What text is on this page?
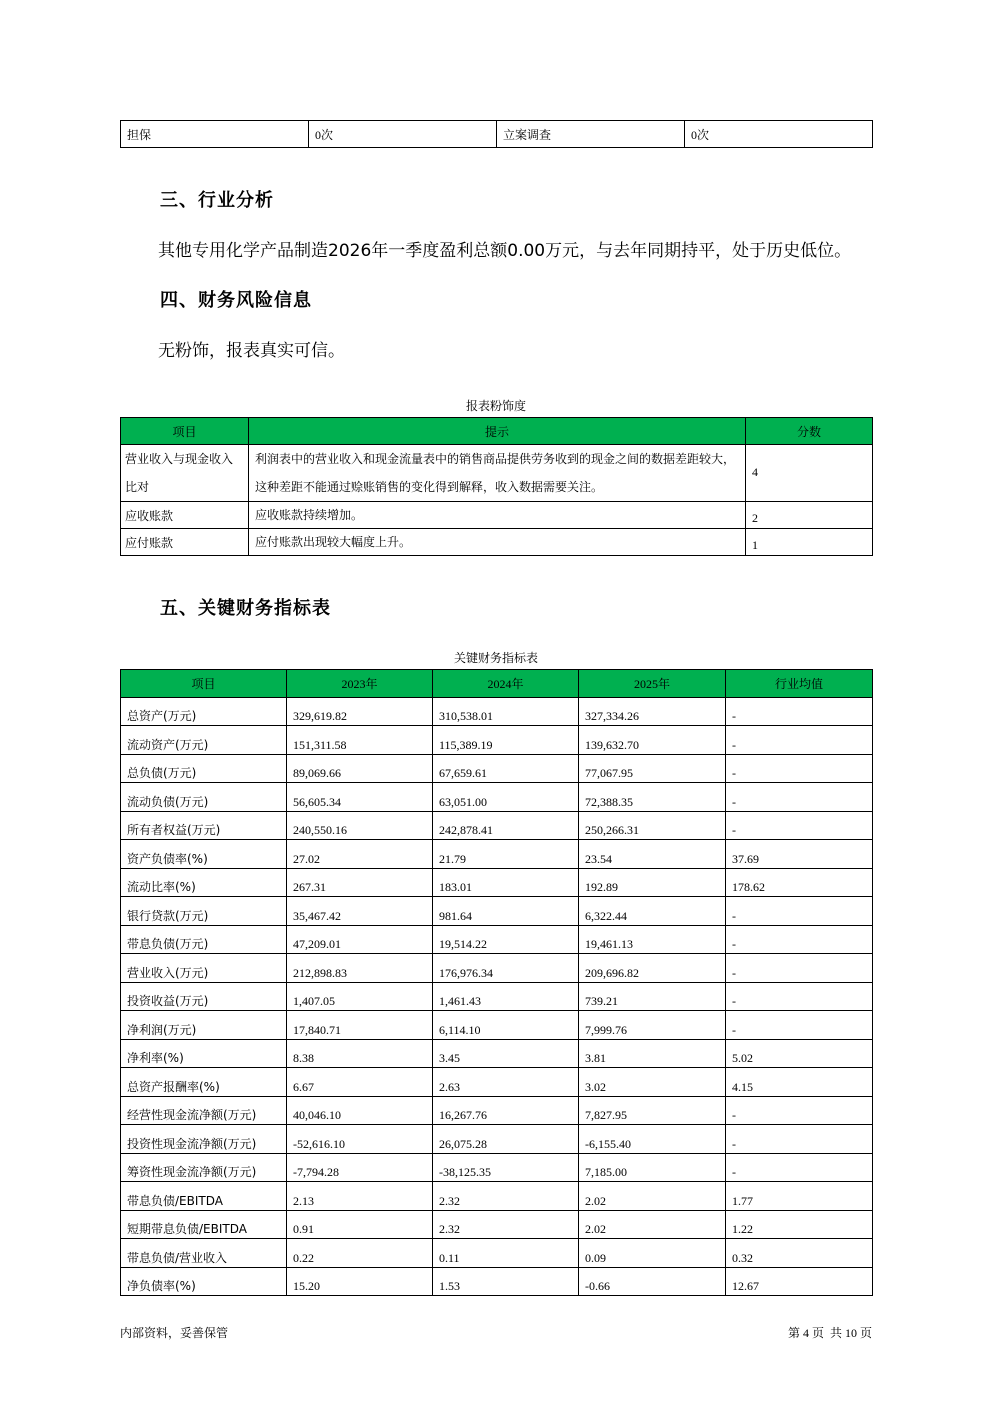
担保	0次	立案调查	0次
三、行业分析
其他专用化学产品制造2026年一季度盈利总额0.00万元，与去年同期持平，处于历史低位。
四、财务风险信息
无粉饰，报表真实可信。
报表粉饰度
项目	提示	分数
营业收入与现金收入比对	利润表中的营业收入和现金流量表中的销售商品提供劳务收到的现金之间的数据差距较大，这种差距不能通过赊账销售的变化得到解释，收入数据需要关注。	4
应收账款	应收账款持续增加。	2
应付账款	应付账款出现较大幅度上升。	1
五、关键财务指标表
关键财务指标表
项目	2023年	2024年	2025年	行业均值
总资产(万元)	329,619.82	310,538.01	327,334.26	-
流动资产(万元)	151,311.58	115,389.19	139,632.70	-
总负债(万元)	89,069.66	67,659.61	77,067.95	-
流动负债(万元)	56,605.34	63,051.00	72,388.35	-
所有者权益(万元)	240,550.16	242,878.41	250,266.31	-
资产负债率(%)	27.02	21.79	23.54	37.69
流动比率(%)	267.31	183.01	192.89	178.62
银行贷款(万元)	35,467.42	981.64	6,322.44	-
带息负债(万元)	47,209.01	19,514.22	19,461.13	-
营业收入(万元)	212,898.83	176,976.34	209,696.82	-
投资收益(万元)	1,407.05	1,461.43	739.21	-
净利润(万元)	17,840.71	6,114.10	7,999.76	-
净利率(%)	8.38	3.45	3.81	5.02
总资产报酬率(%)	6.67	2.63	3.02	4.15
经营性现金流净额(万元)	40,046.10	16,267.76	7,827.95	-
投资性现金流净额(万元)	-52,616.10	26,075.28	-6,155.40	-
筹资性现金流净额(万元)	-7,794.28	-38,125.35	7,185.00	-
带息负债/EBITDA	2.13	2.32	2.02	1.77
短期带息负债/EBITDA	0.91	2.32	2.02	1.22
带息负债/营业收入	0.22	0.11	0.09	0.32
净负债率(%)	15.20	1.53	-0.66	12.67
内部资料，妥善保管	第 4 页  共 10 页
